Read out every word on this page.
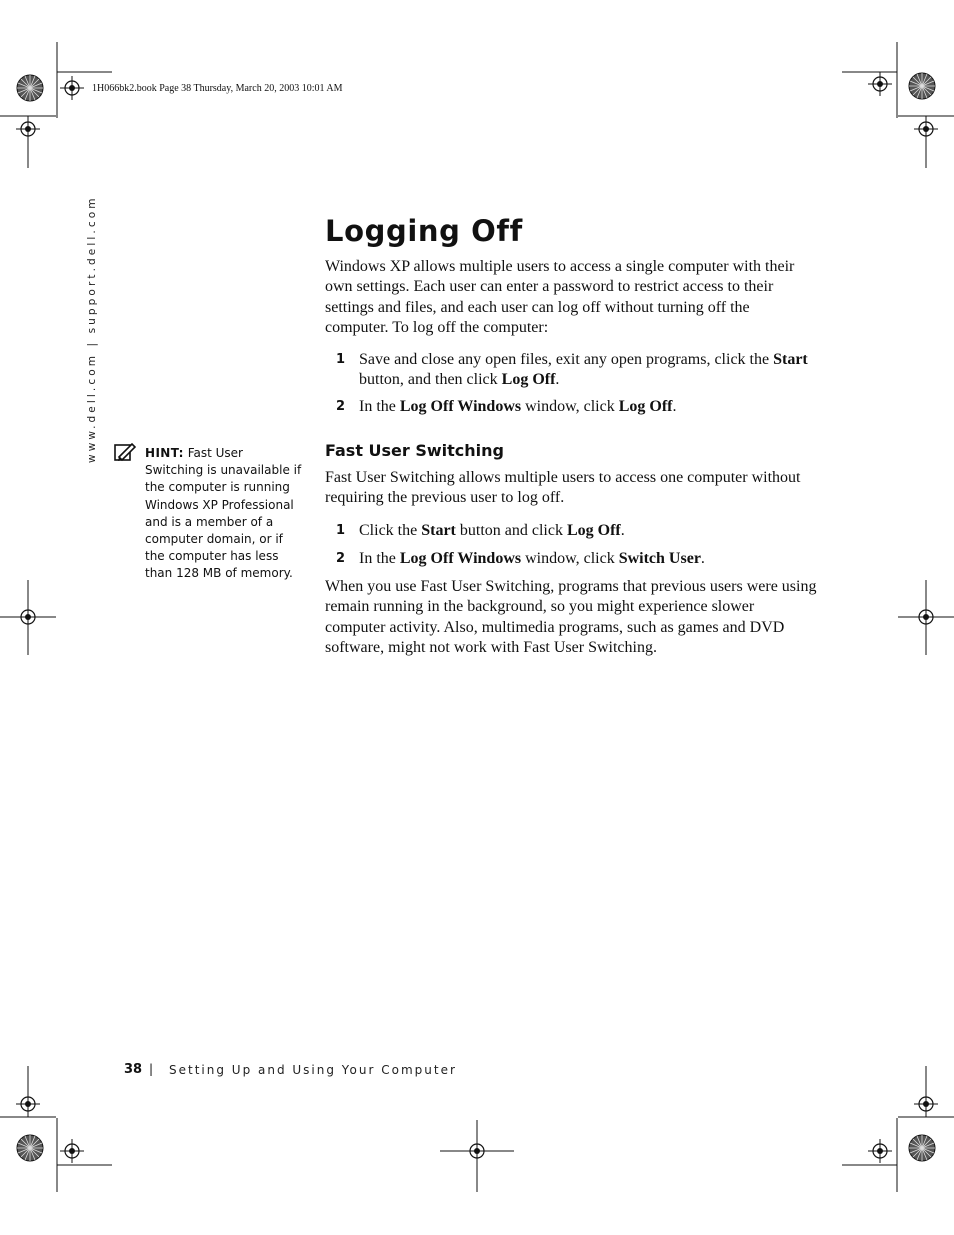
1H066bk2.book Page 38 Thursday, March 20, 2003 10:01 AM
www.dell.com | support.dell.com	Logging Off
Windows XP allows multiple users to access a single computer with their own settings. Each user can enter a password to restrict access to their settings and files, and each user can log off without turning off the computer. To log off the computer:
1 Save and close any open files, exit any open programs, click the Start button, and then click Log Off.
2 In the Log Off Windows window, click Log Off.
HINT: Fast User Switching is unavailable if the computer is running Windows XP Professional and is a member of a computer domain, or if the computer has less than 128 MB of memory.
Fast User Switching
Fast User Switching allows multiple users to access one computer without requiring the previous user to log off.
1 Click the Start button and click Log Off.
2 In the Log Off Windows window, click Switch User.
When you use Fast User Switching, programs that previous users were using remain running in the background, so you might experience slower computer activity. Also, multimedia programs, such as games and DVD software, might not work with Fast User Switching.
38 | Setting Up and Using Your Computer
